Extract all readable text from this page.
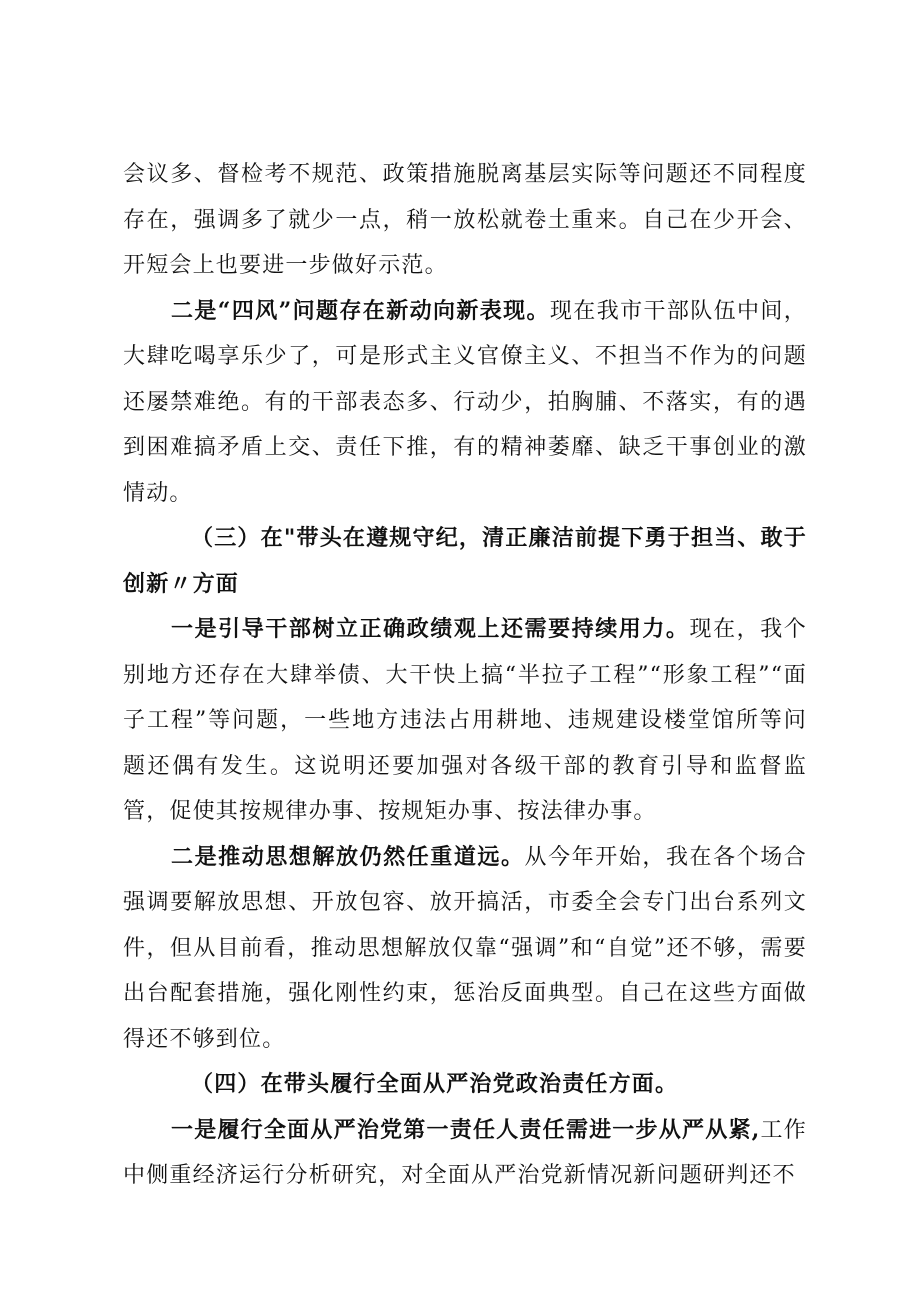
会议多、督检考不规范、政策措施脱离基层实际等问题还不同程度存在，强调多了就少一点，稍一放松就卷土重来。自己在少开会、开短会上也要进一步做好示范。

二是“四风”问题存在新动向新表现。现在我市干部队伍中间，大肆吃喝享乐少了，可是形式主义官僚主义、不担当不作为的问题还屡禁难绝。有的干部表态多、行动少，拍胸脯、不落实，有的遇到困难搞矛盾上交、责任下推，有的精神萎靡、缺乏干事创业的激情动。

（三）在"带头在遵规守纪，清正廉洁前提下勇于担当、敢于创新〃方面

一是引导干部树立正确政绩观上还需要持续用力。现在，我个别地方还存在大肆举债、大干快上搞“半拉子工程”“形象工程”“面子工程”等问题，一些地方违法占用耕地、违规建设楼堂馆所等问题还偶有发生。这说明还要加强对各级干部的教育引导和监督监管，促使其按规律办事、按规矩办事、按法律办事。

二是推动思想解放仍然任重道远。从今年开始，我在各个场合强调要解放思想、开放包容、放开搞活，市委全会专门出台系列文件，但从目前看，推动思想解放仅靠“强调”和“自觉”还不够，需要出台配套措施，强化刚性约束，惩治反面典型。自己在这些方面做得还不够到位。

（四）在带头履行全面从严治党政治责任方面。

一是履行全面从严治党第一责任人责任需进一步从严从紧,工作中侧重经济运行分析研究，对全面从严治党新情况新问题研判还不
